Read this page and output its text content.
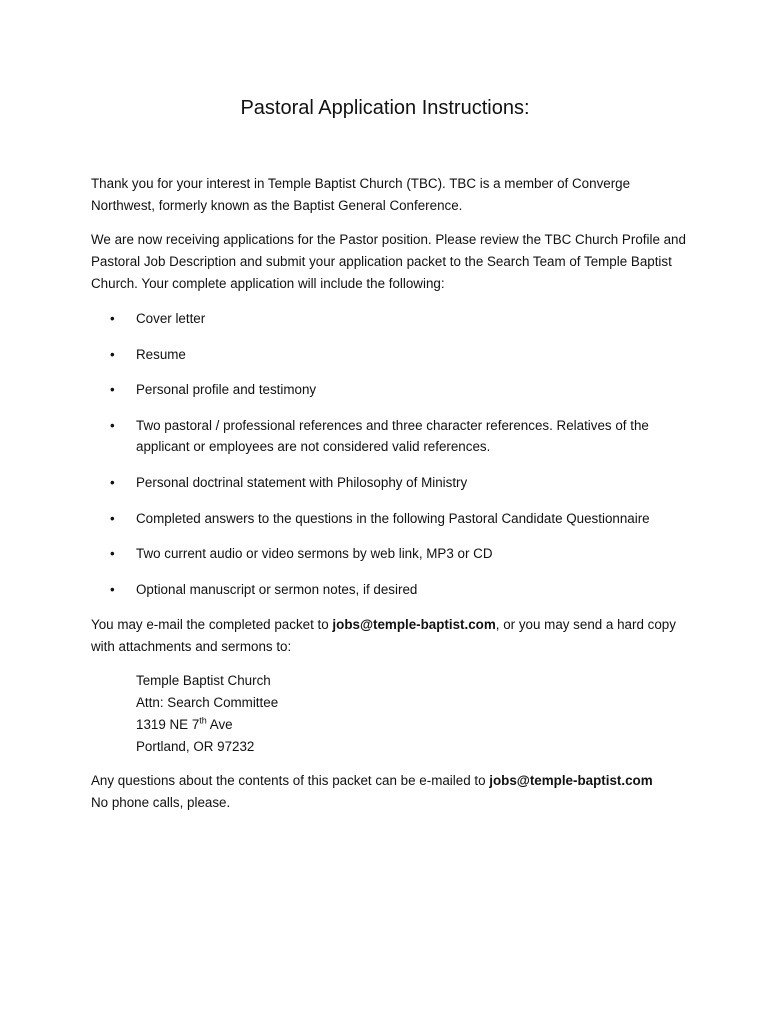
Pastoral Application Instructions:
Thank you for your interest in Temple Baptist Church (TBC). TBC is a member of Converge Northwest, formerly known as the Baptist General Conference.
We are now receiving applications for the Pastor position. Please review the TBC Church Profile and Pastoral Job Description and submit your application packet to the Search Team of Temple Baptist Church. Your complete application will include the following:
• Cover letter
• Resume
• Personal profile and testimony
• Two pastoral / professional references and three character references. Relatives of the applicant or employees are not considered valid references.
• Personal doctrinal statement with Philosophy of Ministry
• Completed answers to the questions in the following Pastoral Candidate Questionnaire
• Two current audio or video sermons by web link, MP3 or CD
• Optional manuscript or sermon notes, if desired
You may e-mail the completed packet to jobs@temple-baptist.com, or you may send a hard copy with attachments and sermons to:
Temple Baptist Church
Attn: Search Committee
1319 NE 7th Ave
Portland, OR 97232
Any questions about the contents of this packet can be e-mailed to jobs@temple-baptist.com
No phone calls, please.
